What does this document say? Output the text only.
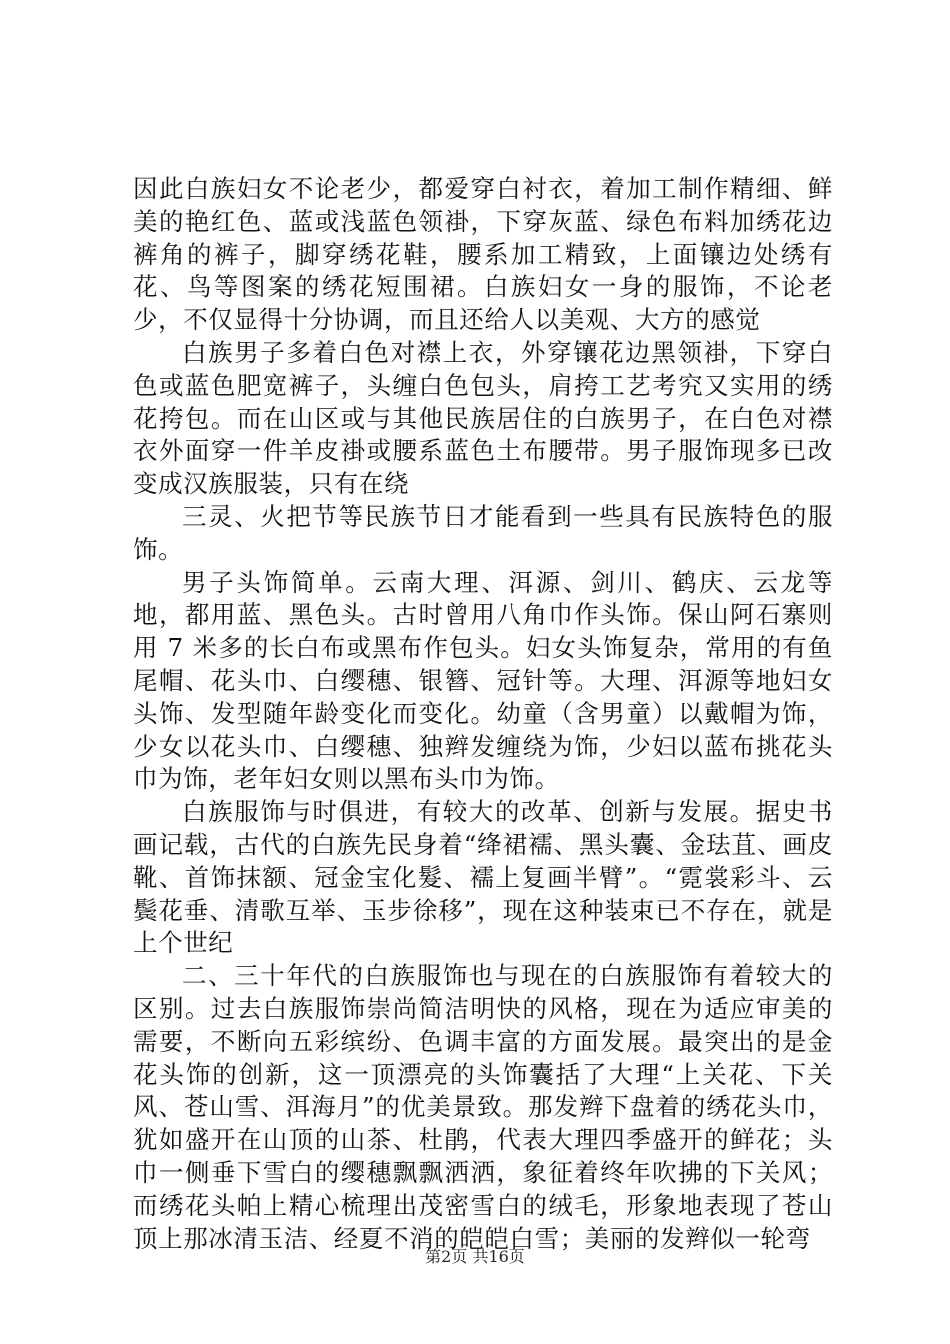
因此白族妇女不论老少，都爱穿白衬衣，着加工制作精细、鲜美的艳红色、蓝或浅蓝色领褂，下穿灰蓝、绿色布料加绣花边裤角的裤子，脚穿绣花鞋，腰系加工精致，上面镶边处绣有花、鸟等图案的绣花短围裙。白族妇女一身的服饰，不论老少，不仅显得十分协调，而且还给人以美观、大方的感觉

白族男子多着白色对襟上衣，外穿镶花边黑领褂，下穿白色或蓝色肥宽裤子，头缠白色包头，肩挎工艺考究又实用的绣花挎包。而在山区或与其他民族居住的白族男子，在白色对襟衣外面穿一件羊皮褂或腰系蓝色土布腰带。男子服饰现多已改变成汉族服装，只有在绕

三灵、火把节等民族节日才能看到一些具有民族特色的服饰。

男子头饰简单。云南大理、洱源、剑川、鹤庆、云龙等地，都用蓝、黑色头。古时曾用八角巾作头饰。保山阿石寨则用 7 米多的长白布或黑布作包头。妇女头饰复杂，常用的有鱼尾帽、花头巾、白缨穗、银簪、冠针等。大理、洱源等地妇女头饰、发型随年龄变化而变化。幼童（含男童）以戴帽为饰，少女以花头巾、白缨穗、独辫发缠绕为饰，少妇以蓝布挑花头巾为饰，老年妇女则以黑布头巾为饰。

白族服饰与时俱进，有较大的改革、创新与发展。据史书画记载，古代的白族先民身着“绛裙襦、黑头囊、金珐苴、画皮靴、首饰抹额、冠金宝化髮、襦上复画半臂”。“霓裳彩斗、云鬓花垂、清歌互举、玉步徐移”，现在这种装束已不存在，就是上个世纪

二、三十年代的白族服饰也与现在的白族服饰有着较大的区别。过去白族服饰崇尚简洁明快的风格，现在为适应审美的需要，不断向五彩缤纷、色调丰富的方面发展。最突出的是金花头饰的创新，这一顶漂亮的头饰囊括了大理“上关花、下关风、苍山雪、洱海月”的优美景致。那发辫下盘着的绣花头巾，犹如盛开在山顶的山茶、杜鹃，代表大理四季盛开的鲜花；头巾一侧垂下雪白的缨穗飘飘洒洒，象征着终年吹拂的下关风；而绣花头帕上精心梳理出茂密雪白的绒毛，形象地表现了苍山顶上那冰清玉洁、经夏不消的皑皑白雪；美丽的发辫似一轮弯

第2页 共16页
